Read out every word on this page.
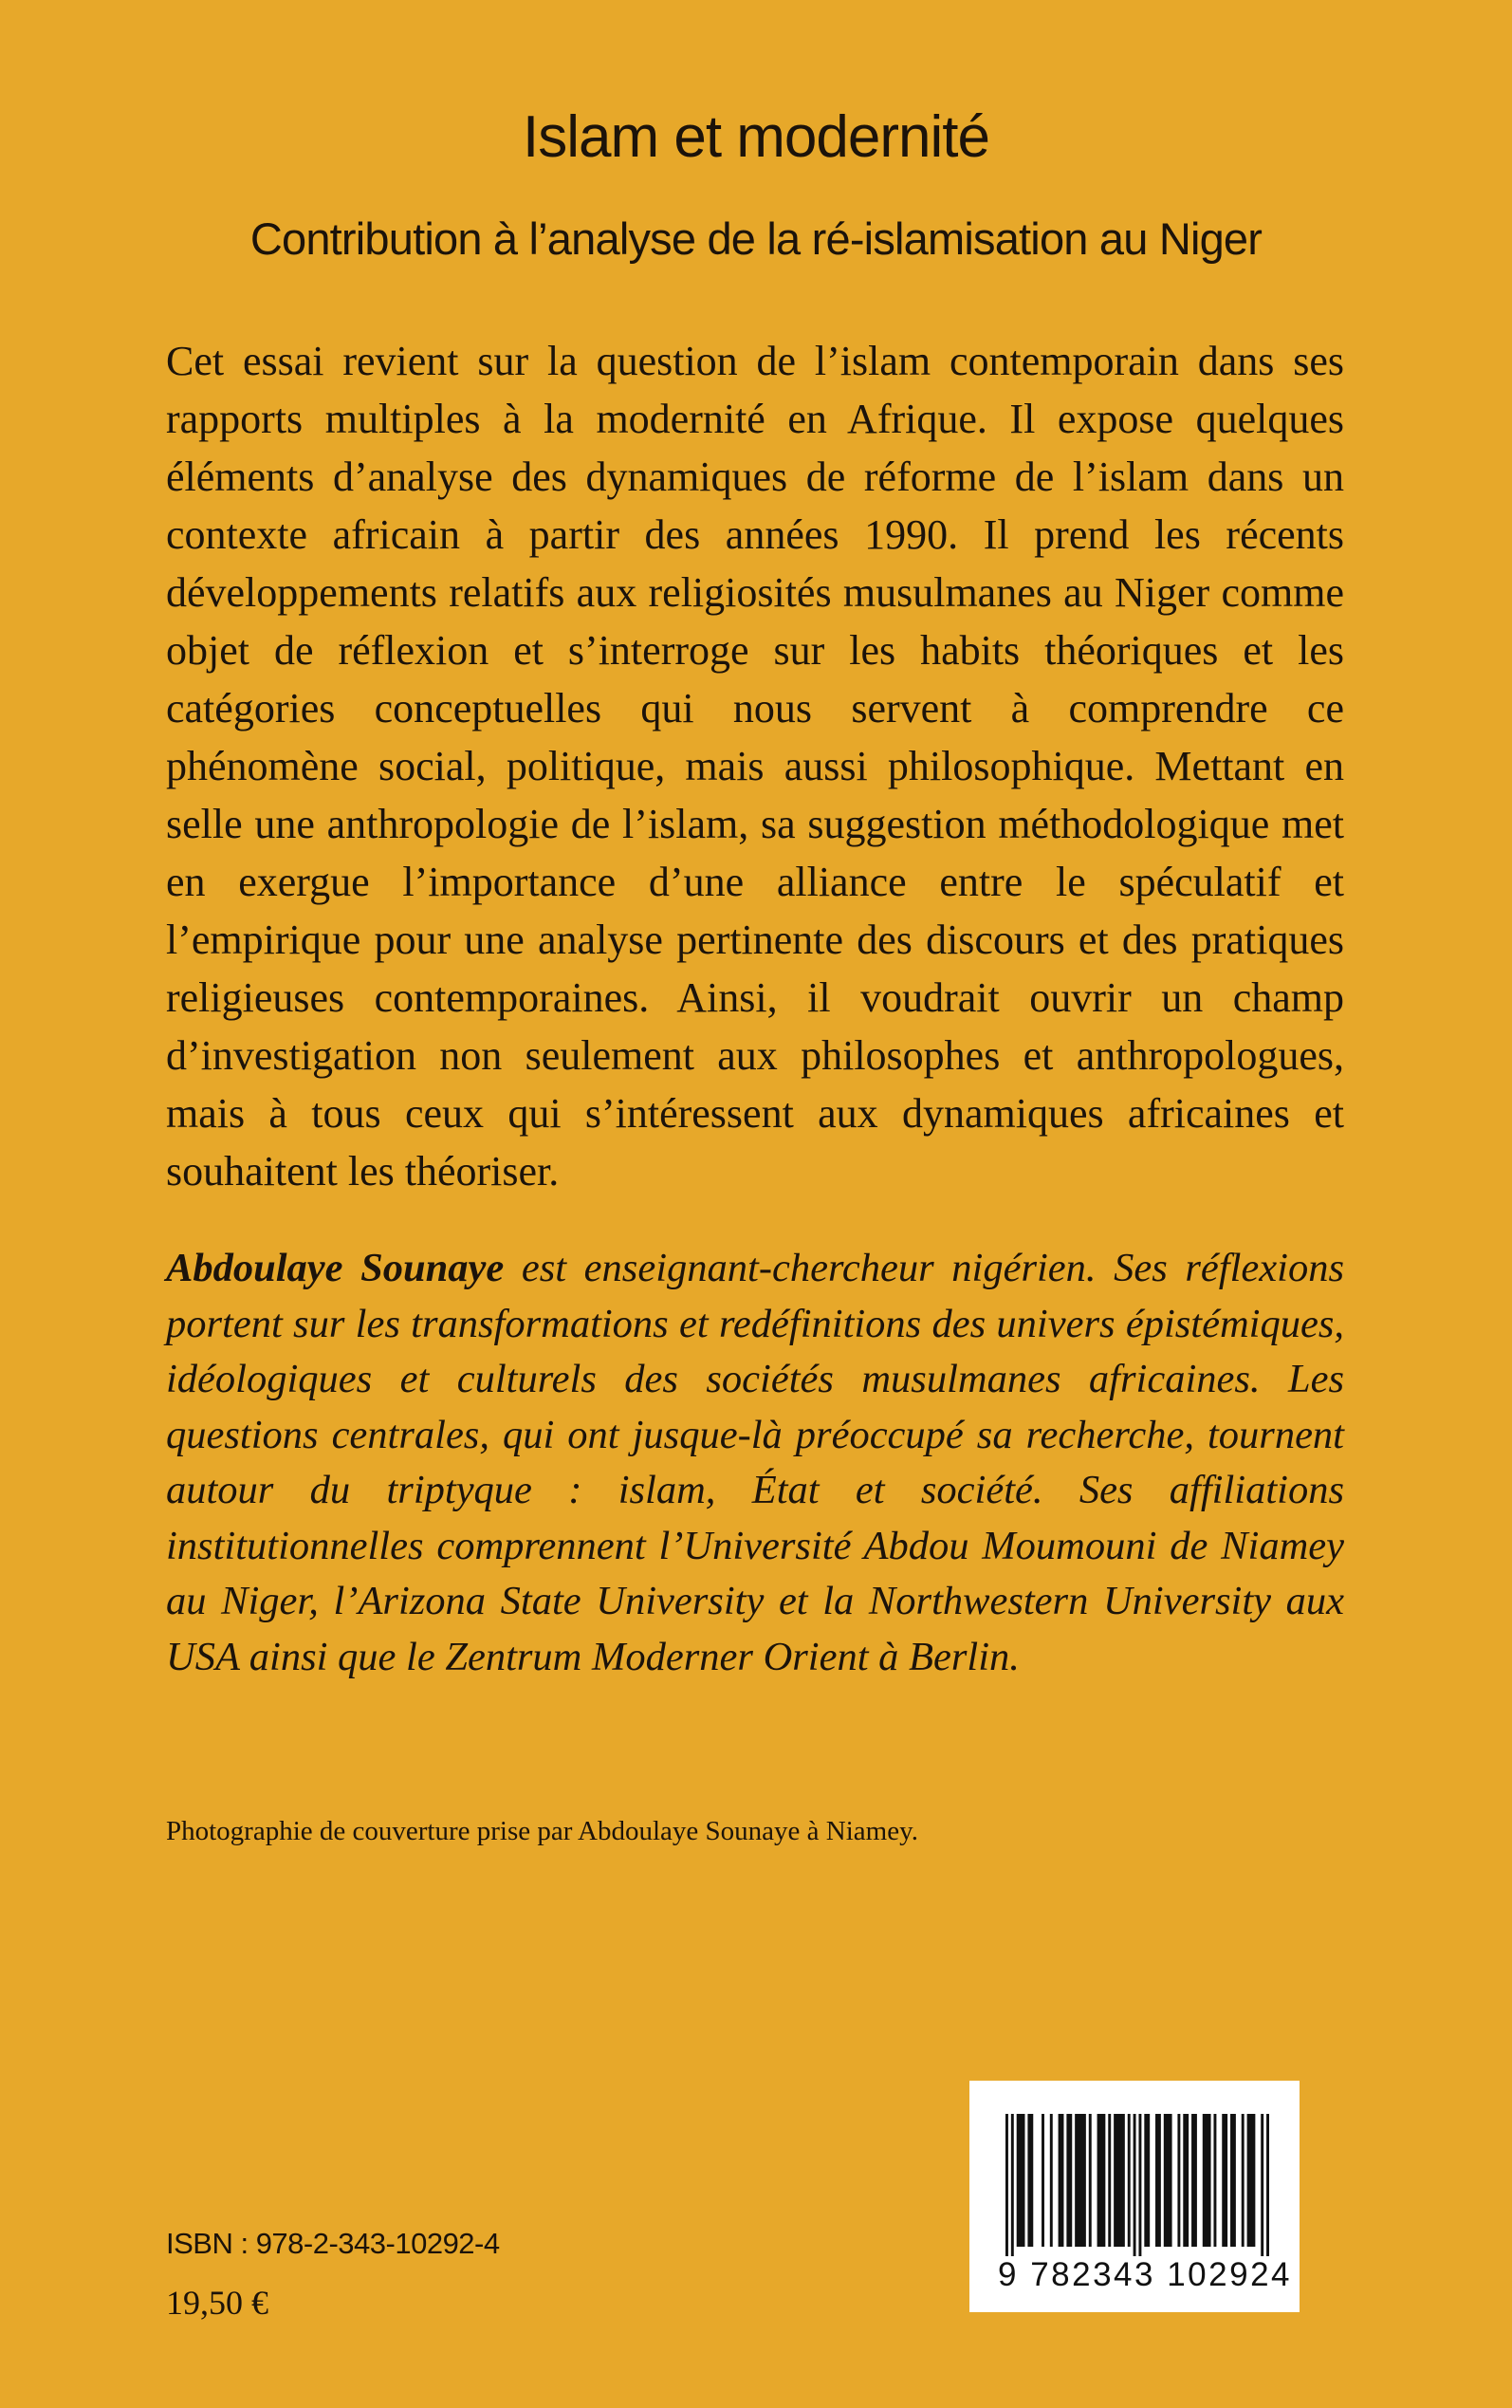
Islam et modernité
Contribution à l’analyse de la ré-islamisation au Niger

Cet essai revient sur la question de l’islam contemporain dans ses rapports multiples à la modernité en Afrique. Il expose quelques éléments d’analyse des dynamiques de réforme de l’islam dans un contexte africain à partir des années 1990. Il prend les récents développements relatifs aux religiosités musulmanes au Niger comme objet de réflexion et s’interroge sur les habits théoriques et les catégories conceptuelles qui nous servent à comprendre ce phénomène social, politique, mais aussi philosophique. Mettant en selle une anthropologie de l’islam, sa suggestion méthodologique met en exergue l’importance d’une alliance entre le spéculatif et l’empirique pour une analyse pertinente des discours et des pratiques religieuses contemporaines. Ainsi, il voudrait ouvrir un champ d’investigation non seulement aux philosophes et anthropologues, mais à tous ceux qui s’intéressent aux dynamiques africaines et souhaitent les théoriser.

Abdoulaye Sounaye est enseignant-chercheur nigérien. Ses réflexions portent sur les transformations et redéfinitions des univers épistémiques, idéologiques et culturels des sociétés musulmanes africaines. Les questions centrales, qui ont jusque-là préoccupé sa recherche, tournent autour du triptyque : islam, État et société. Ses affiliations institutionnelles comprennent l’Université Abdou Moumouni de Niamey au Niger, l’Arizona State University et la Northwestern University aux USA ainsi que le Zentrum Moderner Orient à Berlin.

Photographie de couverture prise par Abdoulaye Sounaye à Niamey.

ISBN : 978-2-343-10292-4

19,50 €

9 782343 102924
